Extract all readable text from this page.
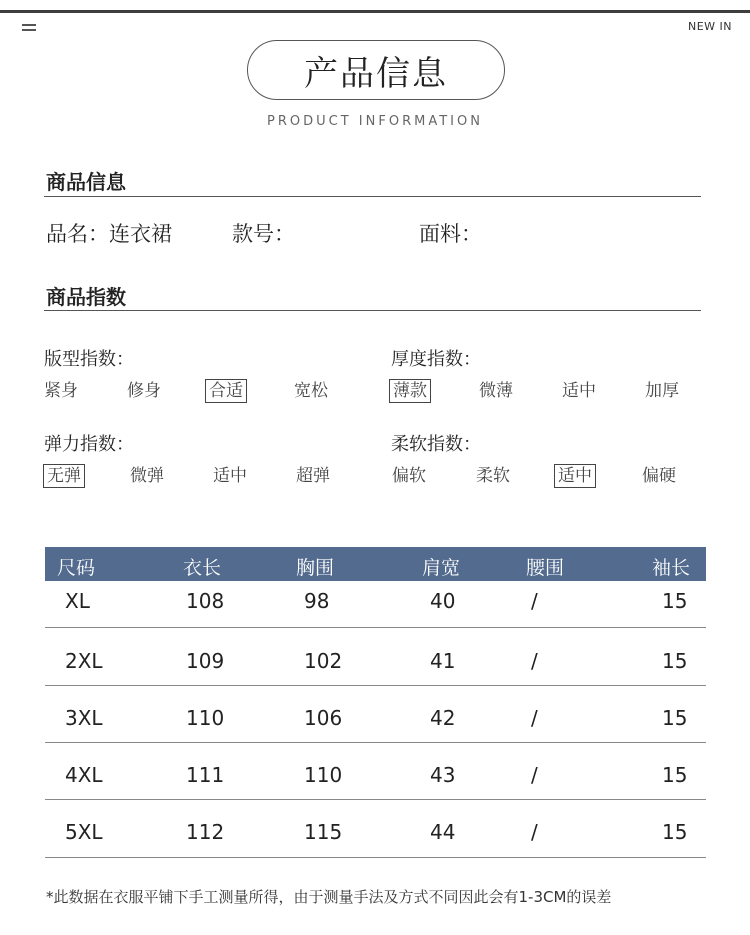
NEW IN
产品信息
PRODUCT INFORMATION
商品信息
品名：连衣裙	款号：	面料：
商品指数
版型指数：
紧身	修身	合适	宽松
厚度指数：
薄款	微薄	适中	加厚
弹力指数：
无弹	微弹	适中	超弹
柔软指数：
偏软	柔软	适中	偏硬
尺码	衣长	胸围	肩宽	腰围	袖长
XL	108	98	40	/	15
2XL	109	102	41	/	15
3XL	110	106	42	/	15
4XL	111	110	43	/	15
5XL	112	115	44	/	15
*此数据在衣服平铺下手工测量所得，由于测量手法及方式不同因此会有1-3CM的误差
